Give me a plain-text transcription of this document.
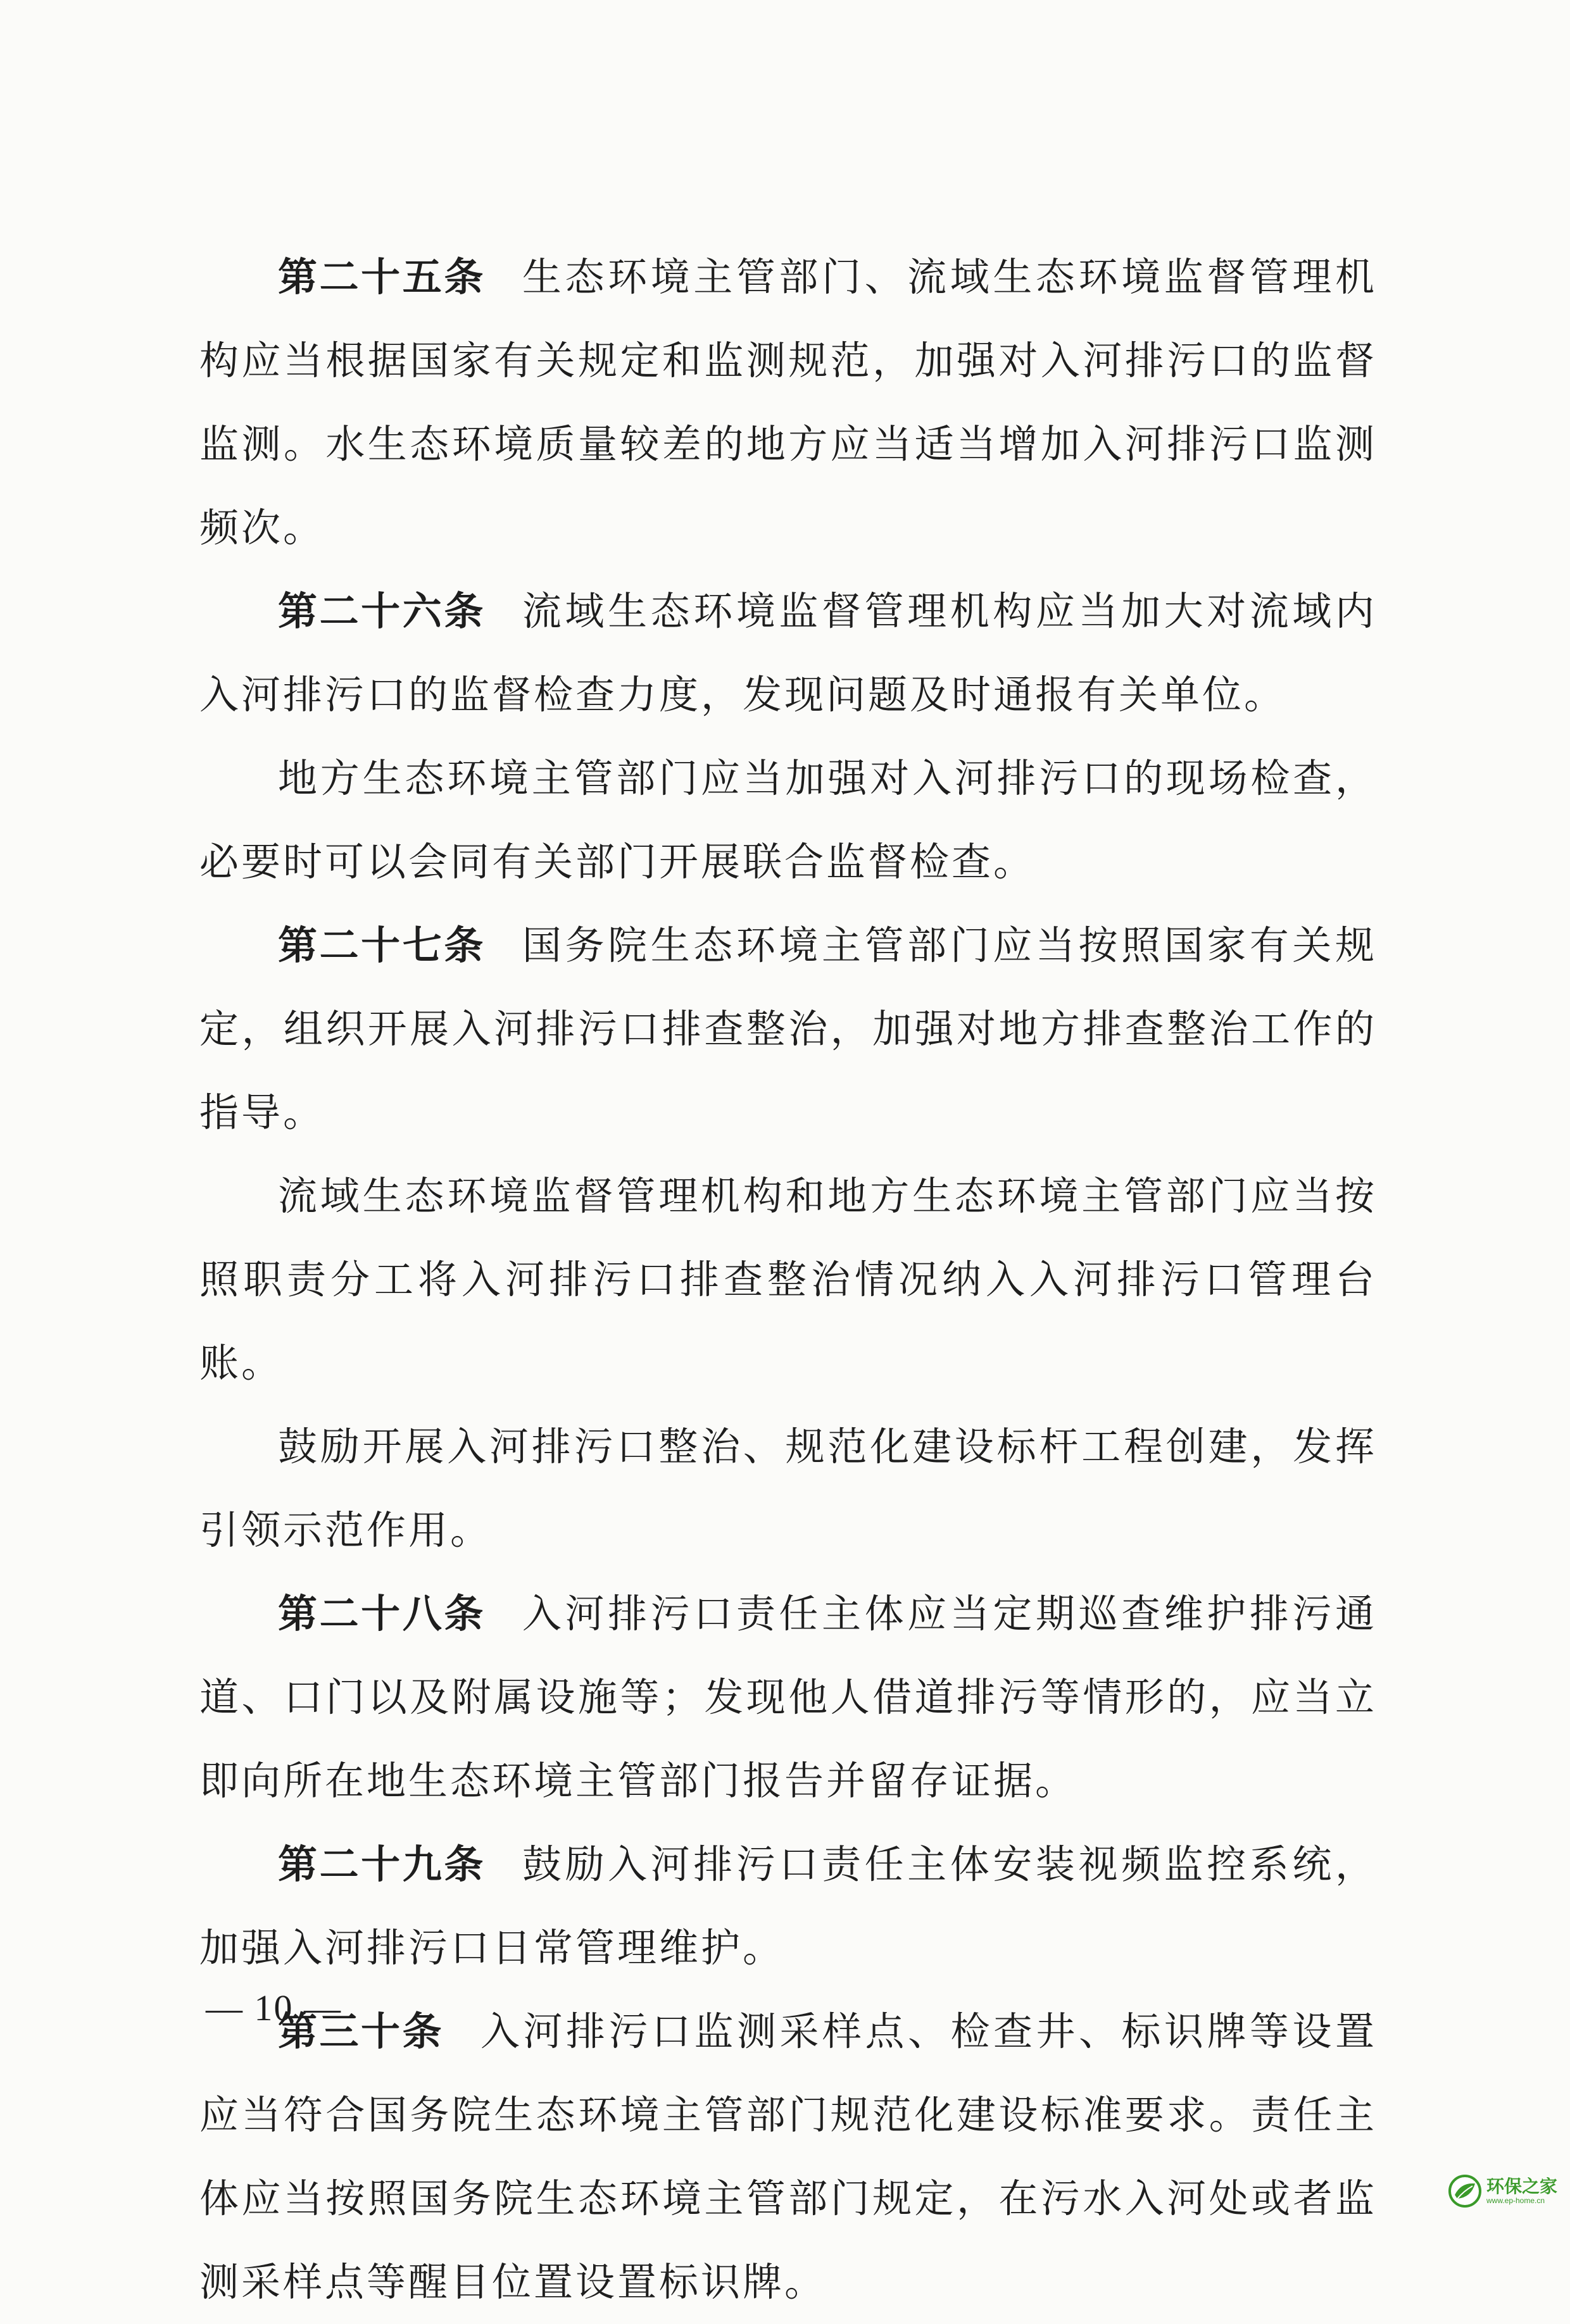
第二十五条 生态环境主管部门、流域生态环境监督管理机构应当根据国家有关规定和监测规范，加强对入河排污口的监督监测。水生态环境质量较差的地方应当适当增加入河排污口监测频次。

第二十六条 流域生态环境监督管理机构应当加大对流域内入河排污口的监督检查力度，发现问题及时通报有关单位。

地方生态环境主管部门应当加强对入河排污口的现场检查，必要时可以会同有关部门开展联合监督检查。

第二十七条 国务院生态环境主管部门应当按照国家有关规定，组织开展入河排污口排查整治，加强对地方排查整治工作的指导。

流域生态环境监督管理机构和地方生态环境主管部门应当按照职责分工将入河排污口排查整治情况纳入入河排污口管理台账。

鼓励开展入河排污口整治、规范化建设标杆工程创建，发挥引领示范作用。

第二十八条 入河排污口责任主体应当定期巡查维护排污通道、口门以及附属设施等；发现他人借道排污等情形的，应当立即向所在地生态环境主管部门报告并留存证据。

第二十九条 鼓励入河排污口责任主体安装视频监控系统，加强入河排污口日常管理维护。

第三十条 入河排污口监测采样点、检查井、标识牌等设置应当符合国务院生态环境主管部门规范化建设标准要求。责任主体应当按照国务院生态环境主管部门规定，在污水入河处或者监测采样点等醒目位置设置标识牌。

— 10 —
环保之家
www.ep-home.cn
